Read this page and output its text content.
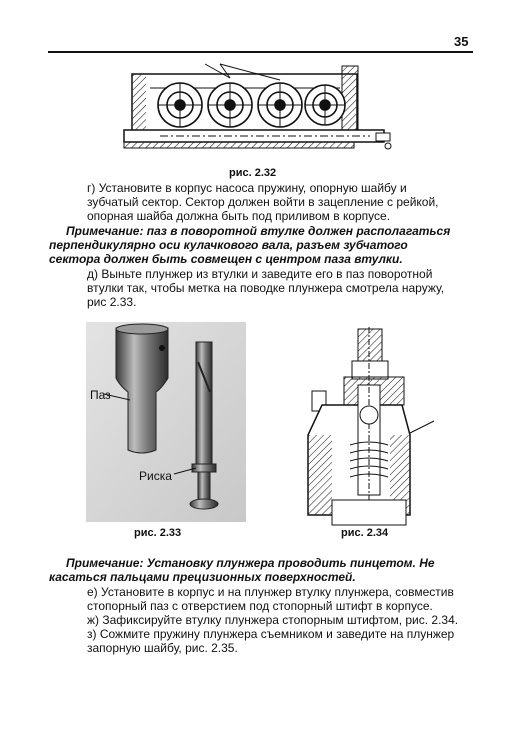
35
рис. 2.32
г) Установите в корпус насоса пружину, опорную шайбу и
зубчатый сектор. Сектор должен войти в зацепление с рейкой,
опорная шайба должна быть под приливом в корпусе.
Примечание: паз в поворотной втулке должен располагаться
перпендикулярно оси кулачкового вала, разъем зубчатого
сектора должен быть совмещен с центром паза втулки.
д) Выньте плунжер из втулки и заведите его в паз поворотной
втулки так, чтобы метка на поводке плунжера смотрела наружу,
рис 2.33.
Паз
Риска
рис. 2.33	рис. 2.34
Примечание: Установку плунжера проводить пинцетом. Не
касаться пальцами прецизионных поверхностей.
е) Установите в корпус и на плунжер втулку плунжера, совместив
стопорный паз с отверстием под стопорный штифт в корпусе.
ж) Зафиксируйте втулку плунжера стопорным штифтом, рис. 2.34.
з) Сожмите пружину плунжера съемником и заведите на плунжер
запорную шайбу, рис. 2.35.
